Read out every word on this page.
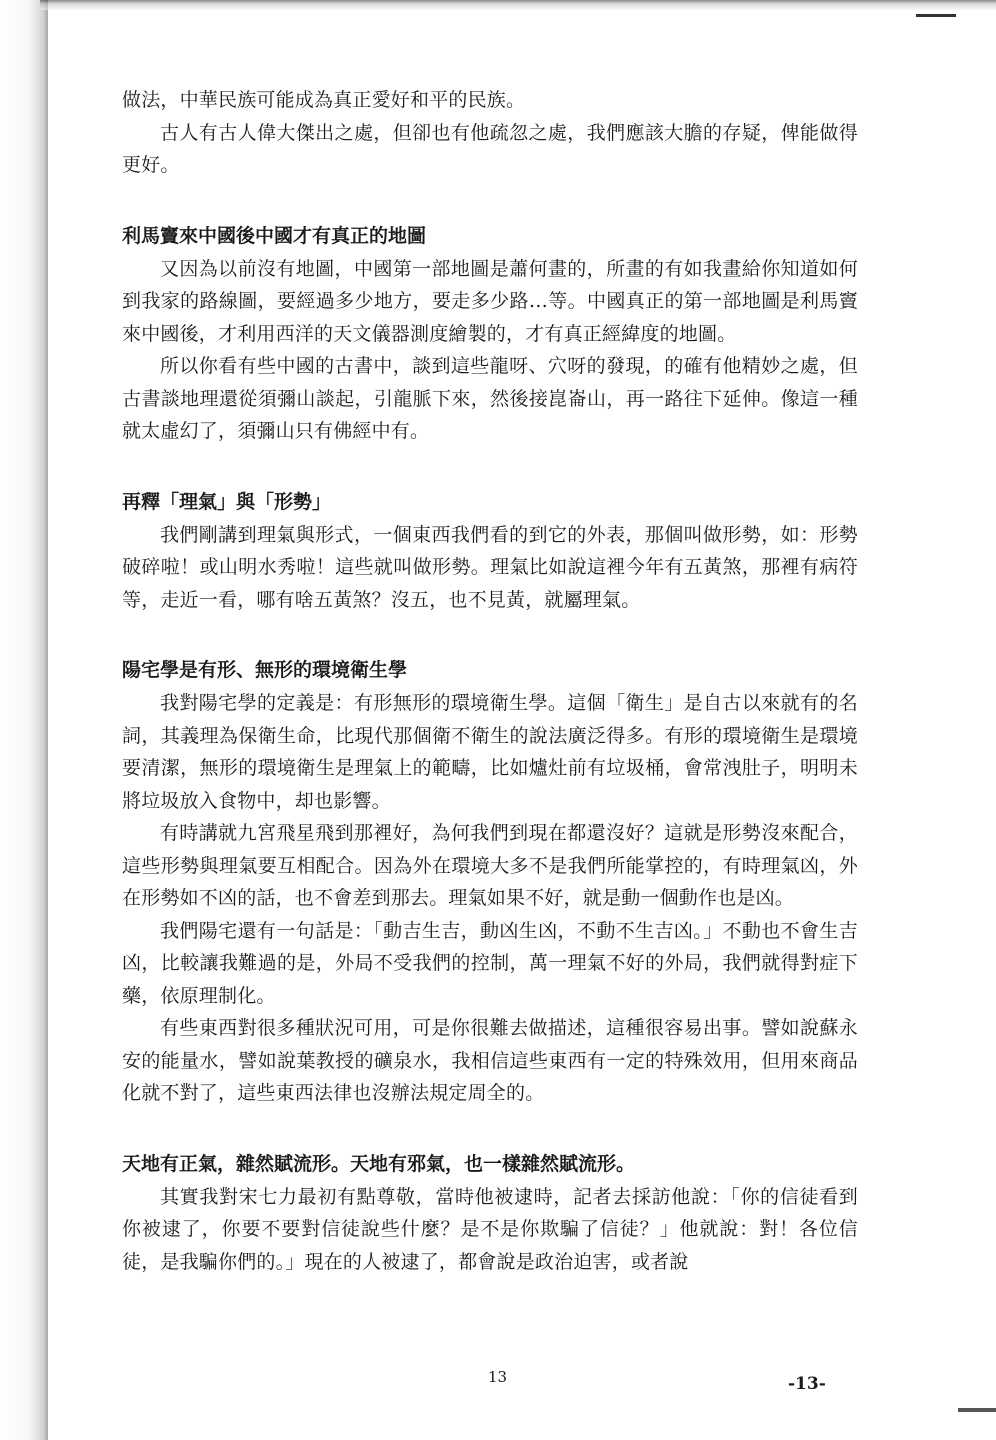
做法，中華民族可能成為真正愛好和平的民族。

古人有古人偉大傑出之處，但卻也有他疏忽之處，我們應該大膽的存疑，俾能做得更好。

利馬竇來中國後中國才有真正的地圖

又因為以前沒有地圖，中國第一部地圖是蕭何畫的，所畫的有如我畫給你知道如何到我家的路線圖，要經過多少地方，要走多少路…等。中國真正的第一部地圖是利馬竇來中國後，才利用西洋的天文儀器測度繪製的，才有真正經緯度的地圖。

所以你看有些中國的古書中，談到這些龍呀、穴呀的發現，的確有他精妙之處，但古書談地理還從須彌山談起，引龍脈下來，然後接崑崙山，再一路往下延伸。像這一種就太虛幻了，須彌山只有佛經中有。

再釋「理氣」與「形勢」

我們剛講到理氣與形式，一個東西我們看的到它的外表，那個叫做形勢，如：形勢破碎啦！或山明水秀啦！這些就叫做形勢。理氣比如說這裡今年有五黃煞，那裡有病符等，走近一看，哪有啥五黃煞？沒五，也不見黃，就屬理氣。

陽宅學是有形、無形的環境衛生學

我對陽宅學的定義是：有形無形的環境衛生學。這個「衛生」是自古以來就有的名詞，其義理為保衛生命，比現代那個衛不衛生的說法廣泛得多。有形的環境衛生是環境要清潔，無形的環境衛生是理氣上的範疇，比如爐灶前有垃圾桶，會常洩肚子，明明未將垃圾放入食物中，却也影響。

有時講就九宮飛星飛到那裡好，為何我們到現在都還沒好？這就是形勢沒來配合，這些形勢與理氣要互相配合。因為外在環境大多不是我們所能掌控的，有時理氣凶，外在形勢如不凶的話，也不會差到那去。理氣如果不好，就是動一個動作也是凶。

我們陽宅還有一句話是：「動吉生吉，動凶生凶，不動不生吉凶。」不動也不會生吉凶，比較讓我難過的是，外局不受我們的控制，萬一理氣不好的外局，我們就得對症下藥，依原理制化。

有些東西對很多種狀況可用，可是你很難去做描述，這種很容易出事。譬如說蘇永安的能量水，譬如說葉教授的礦泉水，我相信這些東西有一定的特殊效用，但用來商品化就不對了，這些東西法律也沒辦法規定周全的。

天地有正氣，雜然賦流形。天地有邪氣，也一樣雜然賦流形。

其實我對宋七力最初有點尊敬，當時他被逮時，記者去採訪他說：「你的信徒看到你被逮了，你要不要對信徒說些什麼？是不是你欺騙了信徒？」他就說：對！各位信徒，是我騙你們的。」現在的人被逮了，都會說是政治迫害，或者說

13	-13-
